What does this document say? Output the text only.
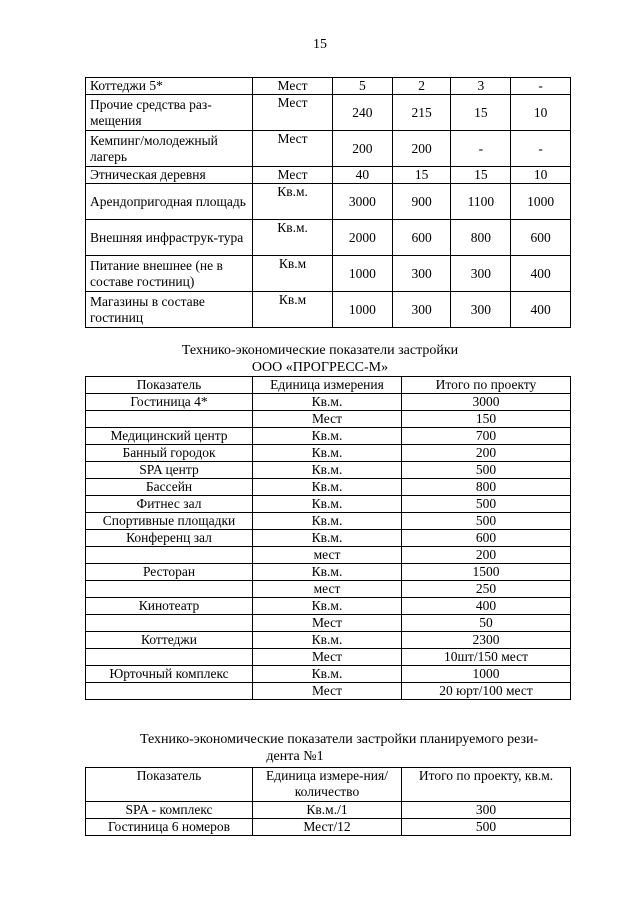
15
Коттеджи 5*	Мест	5	2	3	-
Прочие средства раз-мещения	Мест	240	215	15	10
Кемпинг/молодежный лагерь	Мест	200	200	-	-
Этническая деревня	Мест	40	15	15	10
Арендопригодная площадь	Кв.м.	3000	900	1100	1000
Внешняя инфраструк-тура	Кв.м.	2000	600	800	600
Питание внешнее (не в составе гостиниц)	Кв.м	1000	300	300	400
Магазины в составе гостиниц	Кв.м	1000	300	300	400
Технико-экономические показатели застройки
ООО «ПРОГРЕСС-М»
Показатель	Единица измерения	Итого по проекту
Гостиница 4*	Кв.м.	3000
	Мест	150
Медицинский центр	Кв.м.	700
Банный городок	Кв.м.	200
SPA центр	Кв.м.	500
Бассейн	Кв.м.	800
Фитнес зал	Кв.м.	500
Спортивные площадки	Кв.м.	500
Конференц зал	Кв.м.	600
	мест	200
Ресторан	Кв.м.	1500
	мест	250
Кинотеатр	Кв.м.	400
	Мест	50
Коттеджи	Кв.м.	2300
	Мест	10шт/150 мест
Юрточный комплекс	Кв.м.	1000
	Мест	20 юрт/100 мест
Технико-экономические показатели застройки планируемого рези-
дента №1
Показатель	Единица измере-ния/количество	Итого по проекту, кв.м.
SPA - комплекс	Кв.м./1	300
Гостиница 6 номеров	Мест/12	500
